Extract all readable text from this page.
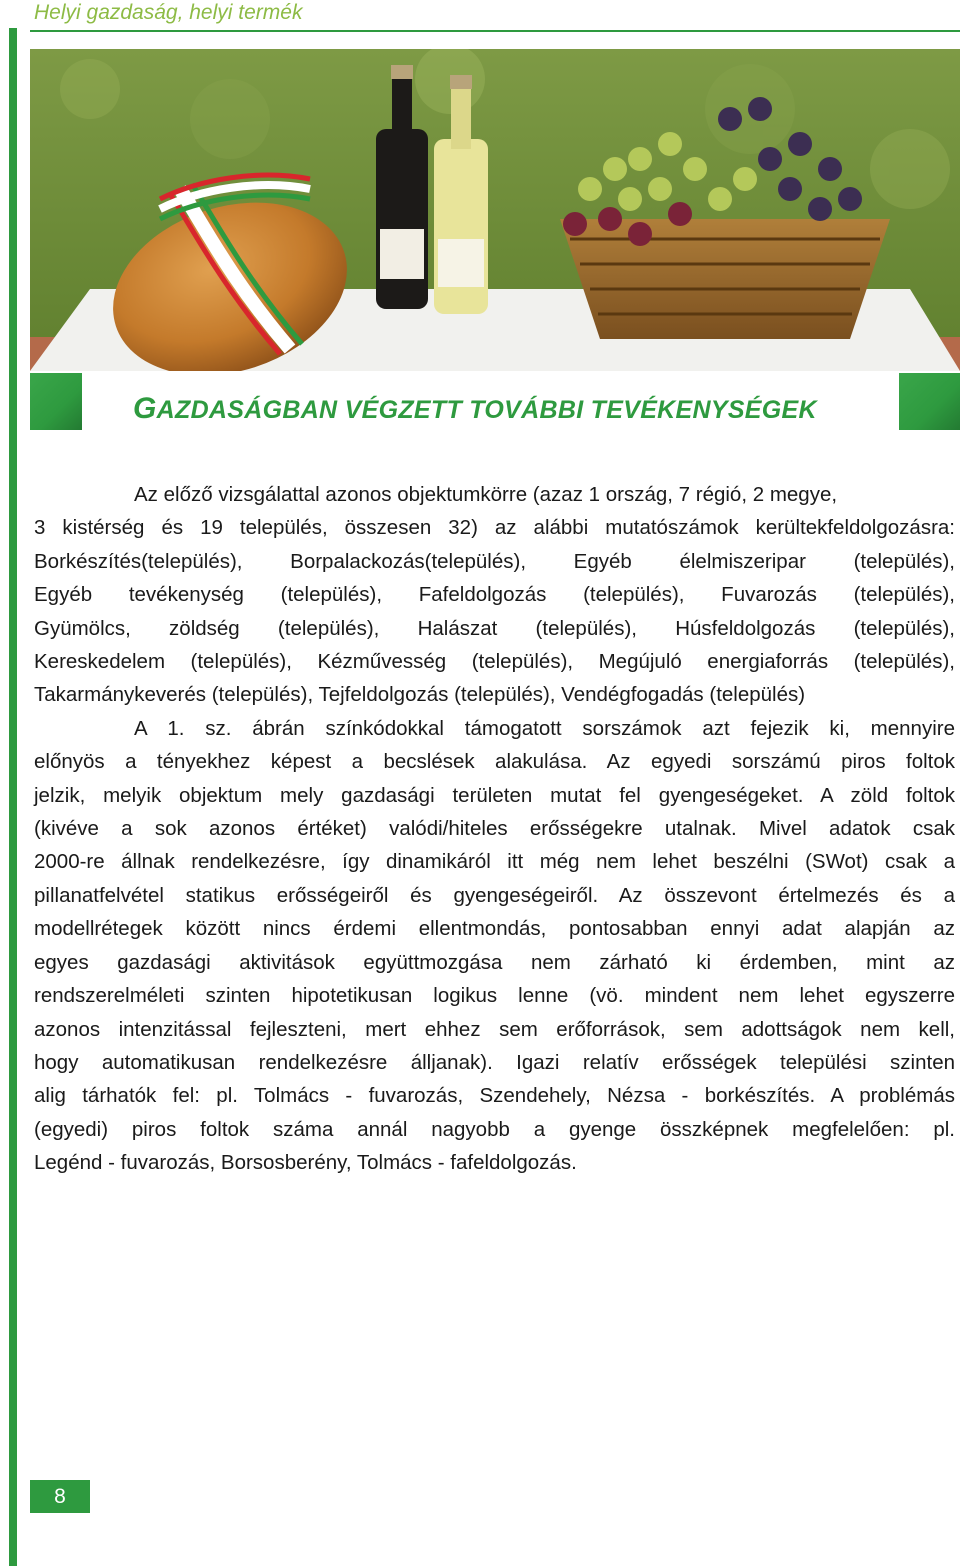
Helyi gazdaság, helyi termék
GAZDASÁGBAN VÉGZETT TOVÁBBI TEVÉKENYSÉGEK
Az előző vizsgálattal azonos objektumkörre (azaz 1 ország, 7 régió, 2 megye,
3 kistérség és 19 település, összesen 32) az alábbi mutatószámok kerültekfeldolgozásra:
Borkészítés(település), Borpalackozás(település), Egyéb élelmiszeripar (település),
Egyéb tevékenység (település), Fafeldolgozás (település), Fuvarozás (település),
Gyümölcs, zöldség (település), Halászat (település), Húsfeldolgozás (település),
Kereskedelem (település), Kézművesség (település), Megújuló energiaforrás (település),
Takarmánykeverés (település), Tejfeldolgozás (település), Vendégfogadás (település)
A 1. sz. ábrán színkódokkal támogatott sorszámok azt fejezik ki, mennyire
előnyös a tényekhez képest a becslések alakulása. Az egyedi sorszámú piros foltok
jelzik, melyik objektum mely gazdasági területen mutat fel gyengeségeket. A zöld foltok
(kivéve a sok azonos értéket) valódi/hiteles erősségekre utalnak. Mivel adatok csak
2000-re állnak rendelkezésre, így dinamikáról itt még nem lehet beszélni (SWot) csak a
pillanatfelvétel statikus erősségeiről és gyengeségeiről. Az összevont értelmezés és a
modellrétegek között nincs érdemi ellentmondás, pontosabban ennyi adat alapján az
egyes gazdasági aktivitások együttmozgása nem zárható ki érdemben, mint az
rendszerelméleti szinten hipotetikusan logikus lenne (vö. mindent nem lehet egyszerre
azonos intenzitással fejleszteni, mert ehhez sem erőforrások, sem adottságok nem kell,
hogy automatikusan rendelkezésre álljanak). Igazi relatív erősségek települési szinten
alig tárhatók fel: pl. Tolmács - fuvarozás, Szendehely, Nézsa - borkészítés. A problémás
(egyedi) piros foltok száma annál nagyobb a gyenge összképnek megfelelően: pl.
Legénd - fuvarozás, Borsosberény, Tolmács - fafeldolgozás.
8
